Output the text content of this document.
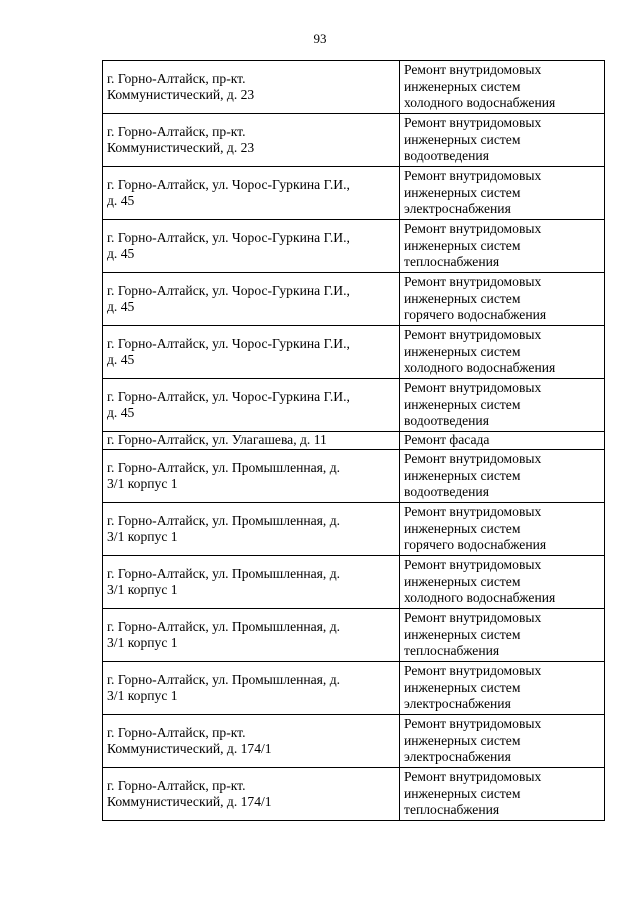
93
г. Горно-Алтайск, пр-кт.
Коммунистический, д. 23	Ремонт внутридомовых
инженерных систем
холодного водоснабжения
г. Горно-Алтайск, пр-кт.
Коммунистический, д. 23	Ремонт внутридомовых
инженерных систем
водоотведения
г. Горно-Алтайск, ул. Чорос-Гуркина Г.И.,
д. 45	Ремонт внутридомовых
инженерных систем
электроснабжения
г. Горно-Алтайск, ул. Чорос-Гуркина Г.И.,
д. 45	Ремонт внутридомовых
инженерных систем
теплоснабжения
г. Горно-Алтайск, ул. Чорос-Гуркина Г.И.,
д. 45	Ремонт внутридомовых
инженерных систем
горячего водоснабжения
г. Горно-Алтайск, ул. Чорос-Гуркина Г.И.,
д. 45	Ремонт внутридомовых
инженерных систем
холодного водоснабжения
г. Горно-Алтайск, ул. Чорос-Гуркина Г.И.,
д. 45	Ремонт внутридомовых
инженерных систем
водоотведения
г. Горно-Алтайск, ул. Улагашева, д. 11	Ремонт фасада
г. Горно-Алтайск, ул. Промышленная, д.
3/1 корпус 1	Ремонт внутридомовых
инженерных систем
водоотведения
г. Горно-Алтайск, ул. Промышленная, д.
3/1 корпус 1	Ремонт внутридомовых
инженерных систем
горячего водоснабжения
г. Горно-Алтайск, ул. Промышленная, д.
3/1 корпус 1	Ремонт внутридомовых
инженерных систем
холодного водоснабжения
г. Горно-Алтайск, ул. Промышленная, д.
3/1 корпус 1	Ремонт внутридомовых
инженерных систем
теплоснабжения
г. Горно-Алтайск, ул. Промышленная, д.
3/1 корпус 1	Ремонт внутридомовых
инженерных систем
электроснабжения
г. Горно-Алтайск, пр-кт.
Коммунистический, д. 174/1	Ремонт внутридомовых
инженерных систем
электроснабжения
г. Горно-Алтайск, пр-кт.
Коммунистический, д. 174/1	Ремонт внутридомовых
инженерных систем
теплоснабжения
